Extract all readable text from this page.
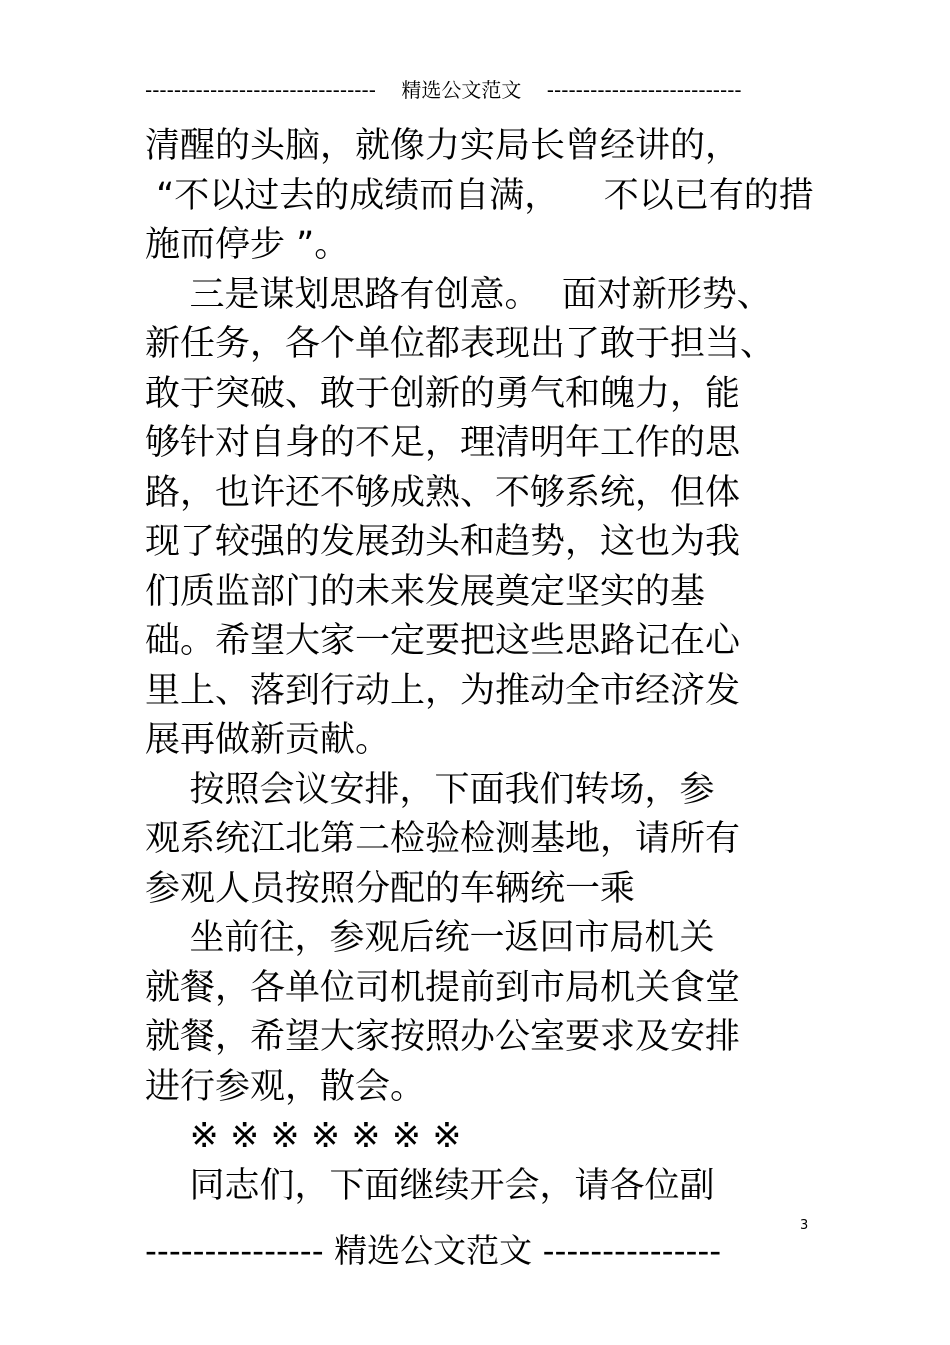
--------------------------------    精选公文范文    ---------------------------
清醒的头脑，就像力实局长曾经讲的，
“不以过去的成绩而自满，    不以已有的措
施而停步 ”。
三是谋划思路有创意。  面对新形势、
新任务，各个单位都表现出了敢于担当、
敢于突破、敢于创新的勇气和魄力，能
够针对自身的不足，理清明年工作的思
路，也许还不够成熟、不够系统，但体
现了较强的发展劲头和趋势，这也为我
们质监部门的未来发展奠定坚实的基
础。希望大家一定要把这些思路记在心
里上、落到行动上，为推动全市经济发
展再做新贡献。
按照会议安排，下面我们转场，参
观系统江北第二检验检测基地，请所有
参观人员按照分配的车辆统一乘
坐前往，参观后统一返回市局机关
就餐，各单位司机提前到市局机关食堂
就餐，希望大家按照办公室要求及安排
进行参观，散会。
※ ※ ※ ※ ※ ※ ※
同志们，下面继续开会，请各位副
3
--------------- 精选公文范文 ---------------
